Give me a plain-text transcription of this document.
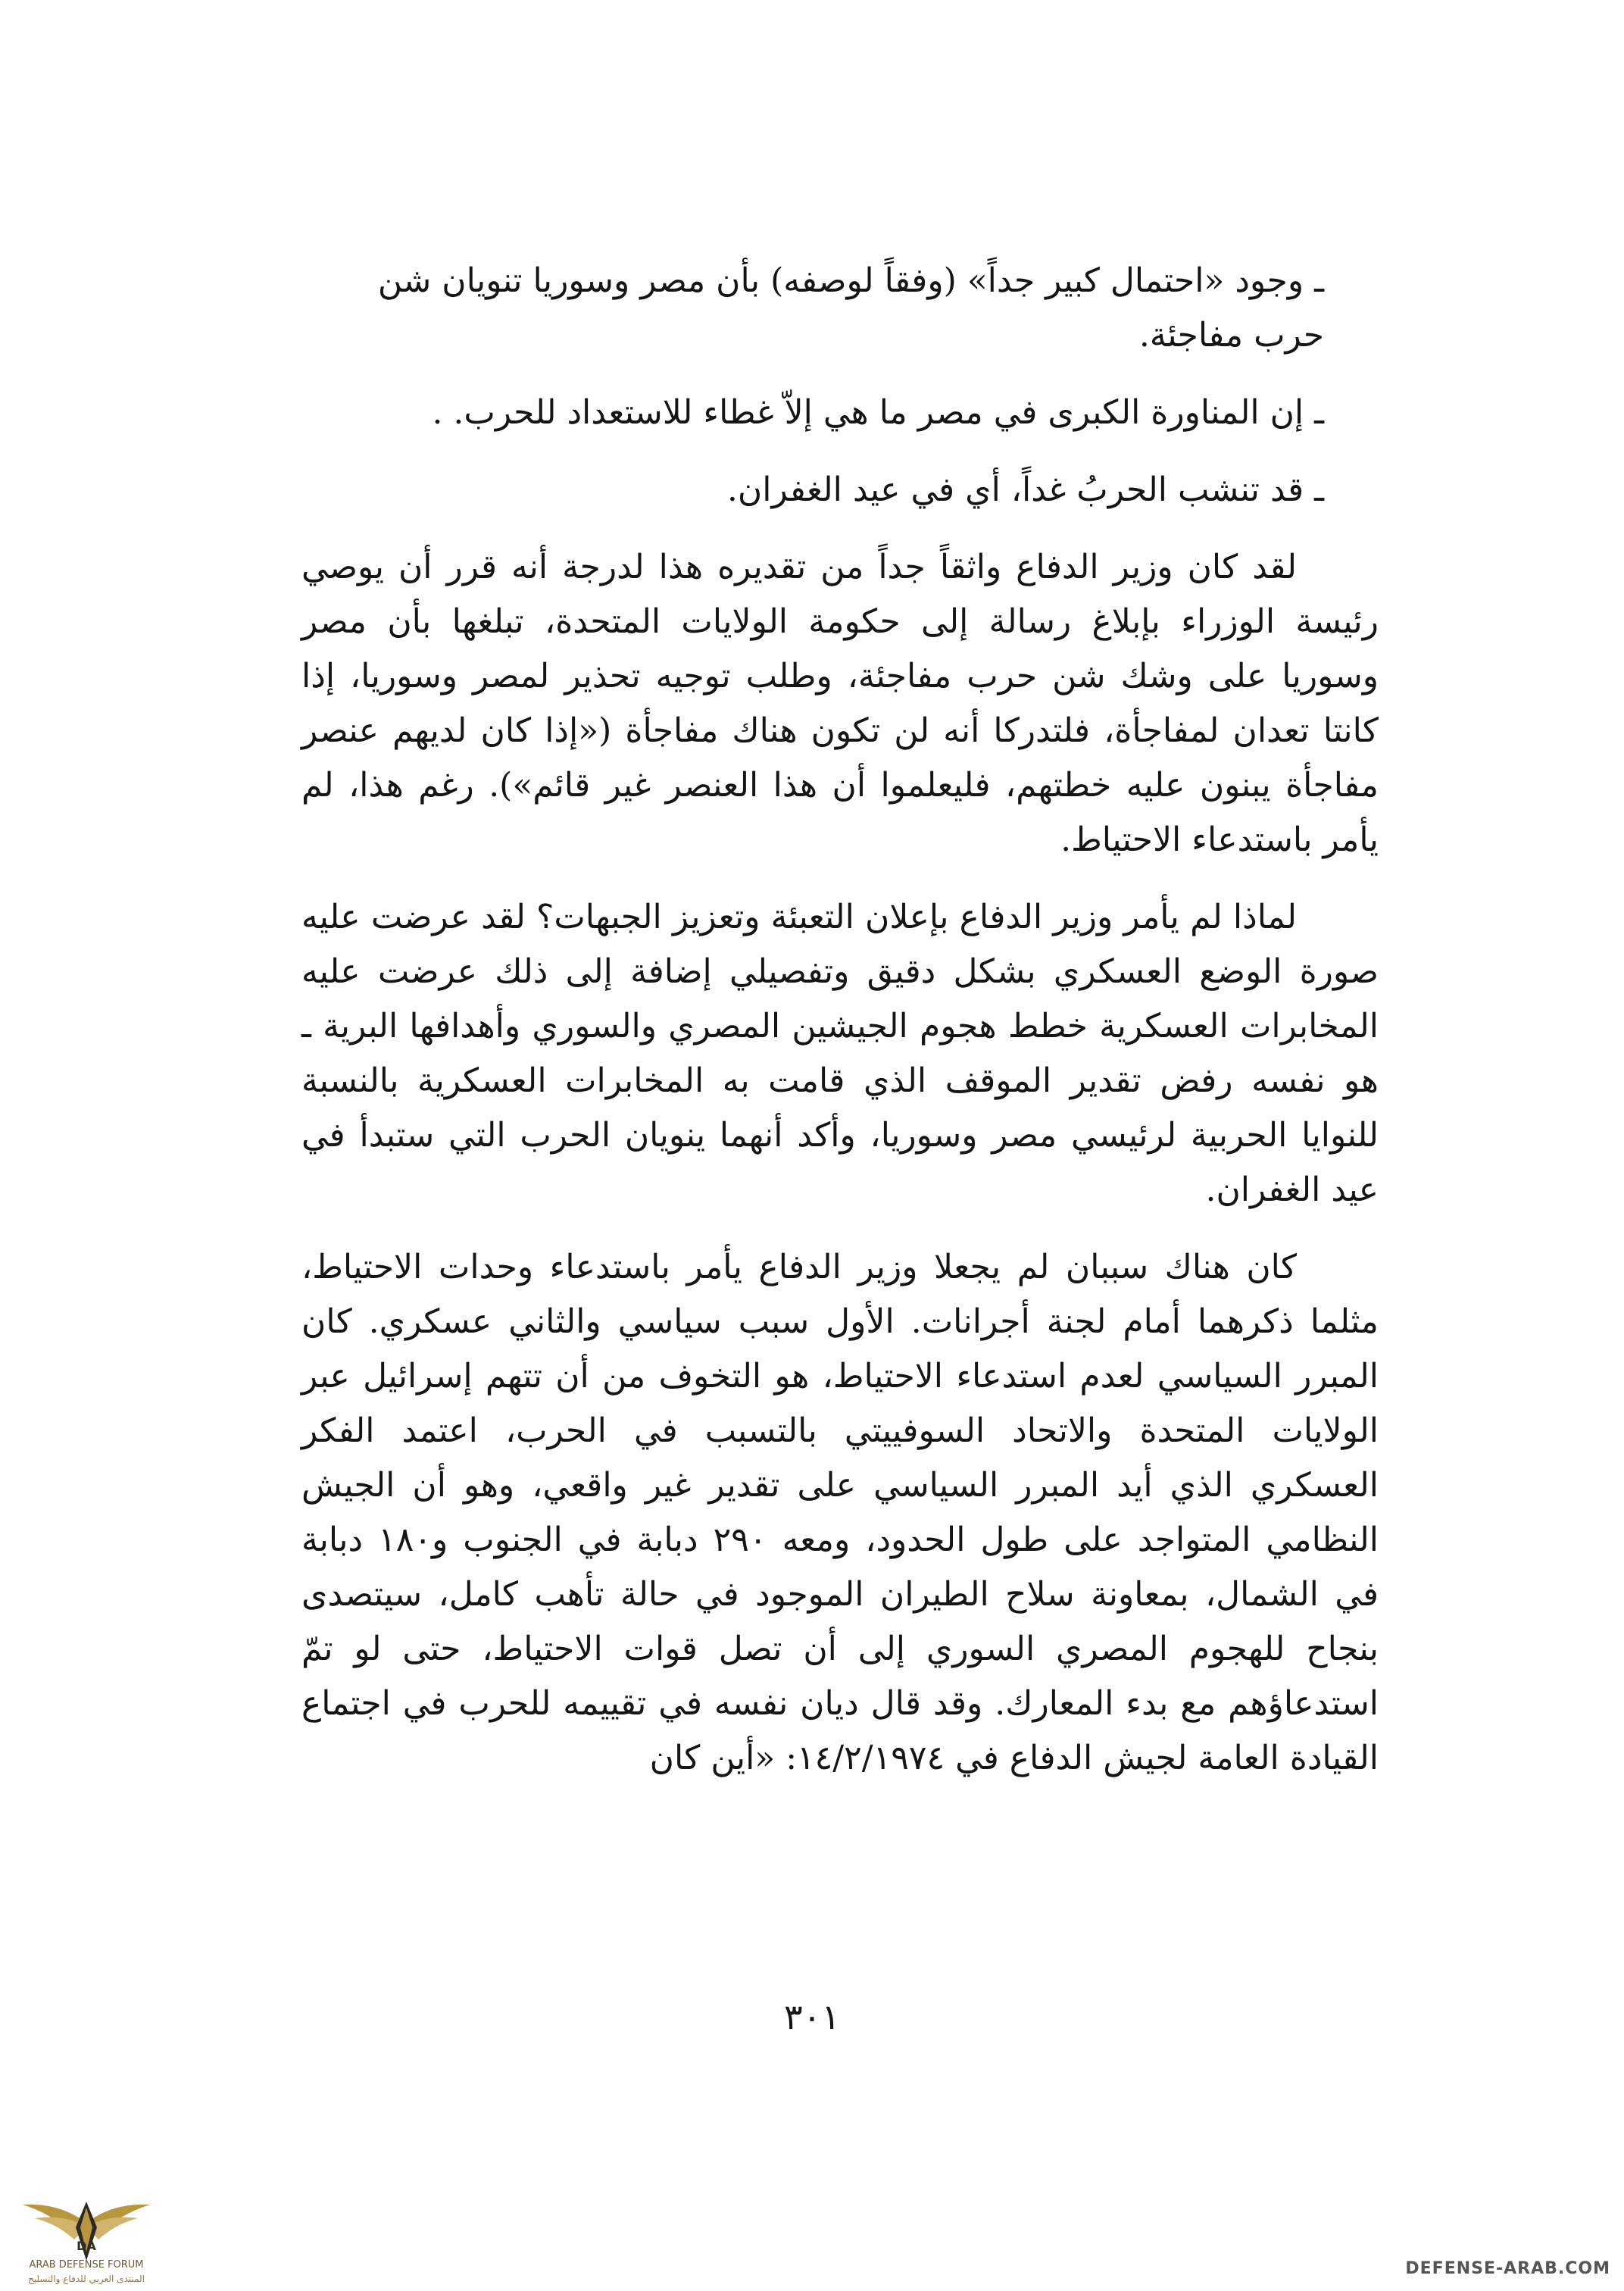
ـ وجود «احتمال كبير جداً» (وفقاً لوصفه) بأن مصر وسوريا تنويان شن حرب مفاجئة.

ـ إن المناورة الكبرى في مصر ما هي إلاّ غطاء للاستعداد للحرب. .

ـ قد تنشب الحربُ غداً، أي في عيد الغفران.

لقد كان وزير الدفاع واثقاً جداً من تقديره هذا لدرجة أنه قرر أن يوصي رئيسة الوزراء بإبلاغ رسالة إلى حكومة الولايات المتحدة، تبلغها بأن مصر وسوريا على وشك شن حرب مفاجئة، وطلب توجيه تحذير لمصر وسوريا، إذا كانتا تعدان لمفاجأة، فلتدركا أنه لن تكون هناك مفاجأة («إذا كان لديهم عنصر مفاجأة يبنون عليه خطتهم، فليعلموا أن هذا العنصر غير قائم»). رغم هذا، لم يأمر باستدعاء الاحتياط.

لماذا لم يأمر وزير الدفاع بإعلان التعبئة وتعزيز الجبهات؟ لقد عرضت عليه صورة الوضع العسكري بشكل دقيق وتفصيلي إضافة إلى ذلك عرضت عليه المخابرات العسكرية خطط هجوم الجيشين المصري والسوري وأهدافها البرية ـ هو نفسه رفض تقدير الموقف الذي قامت به المخابرات العسكرية بالنسبة للنوايا الحربية لرئيسي مصر وسوريا، وأكد أنهما ينويان الحرب التي ستبدأ في عيد الغفران.

كان هناك سببان لم يجعلا وزير الدفاع يأمر باستدعاء وحدات الاحتياط، مثلما ذكرهما أمام لجنة أجرانات. الأول سبب سياسي والثاني عسكري. كان المبرر السياسي لعدم استدعاء الاحتياط، هو التخوف من أن تتهم إسرائيل عبر الولايات المتحدة والاتحاد السوفييتي بالتسبب في الحرب، اعتمد الفكر العسكري الذي أيد المبرر السياسي على تقدير غير واقعي، وهو أن الجيش النظامي المتواجد على طول الحدود، ومعه ٢٩٠ دبابة في الجنوب و١٨٠ دبابة في الشمال، بمعاونة سلاح الطيران الموجود في حالة تأهب كامل، سيتصدى بنجاح للهجوم المصري السوري إلى أن تصل قوات الاحتياط، حتى لو تمّ استدعاؤهم مع بدء المعارك. وقد قال ديان نفسه في تقييمه للحرب في اجتماع القيادة العامة لجيش الدفاع في ١٤/٢/١٩٧٤: «أين كان

٣٠١
DA
ARAB DEFENSE FORUM
المنتدى العربي للدفاع والتسليح
DEFENSE-ARAB.COM
